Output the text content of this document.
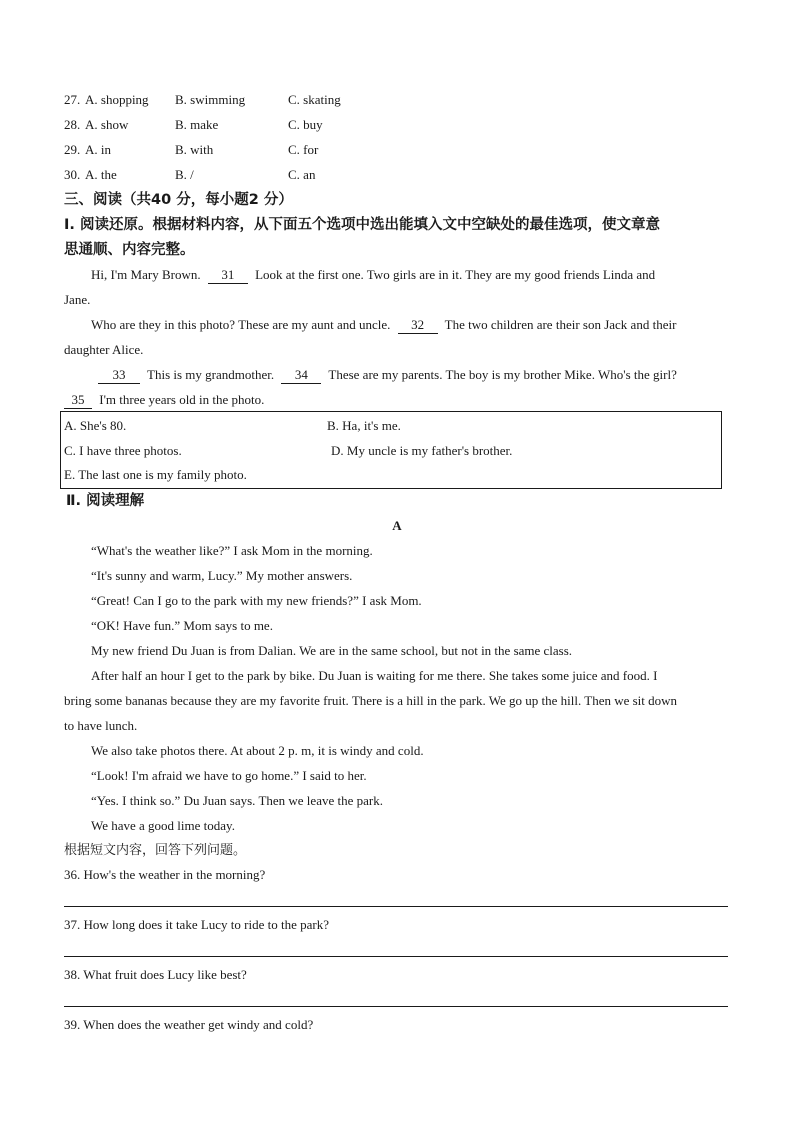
27. A. shopping B. swimming	C. skating
28. A. show	B. make	C. buy
29. A. in	B. with	C. for
30. A. the	B. /	C. an
三、阅读（共40 分，每小题2 分）
I. 阅读还原。根据材料内容，从下面五个选项中选出能填入文中空缺处的最佳选项，使文章意
思通顺、内容完整。
Hi, I'm Mary Brown. 31 Look at the first one. Two girls are in it. They are my good friends Linda and
Jane.
Who are they in this photo? These are my aunt and uncle. 32 The two children are their son Jack and their
daughter Alice.
33 This is my grandmother. 34 These are my parents. The boy is my brother Mike. Who's the girl?
35 I'm three years old in the photo.
A. She's 80.	B. Ha, it's me.
C. I have three photos.	D. My uncle is my father's brother.
E. The last one is my family photo.
Ⅱ. 阅读理解
A
“What's the weather like?” I ask Mom in the morning.
“It's sunny and warm, Lucy.” My mother answers.
“Great! Can I go to the park with my new friends?” I ask Mom.
“OK! Have fun.” Mom says to me.
My new friend Du Juan is from Dalian. We are in the same school, but not in the same class.
After half an hour I get to the park by bike. Du Juan is waiting for me there. She takes some juice and food. I
bring some bananas because they are my favorite fruit. There is a hill in the park. We go up the hill. Then we sit down
to have lunch.
We also take photos there. At about 2 p. m, it is windy and cold.
“Look! I'm afraid we have to go home.” I said to her.
“Yes. I think so.” Du Juan says. Then we leave the park.
We have a good lime today.
根据短文内容，回答下列问题。
36. How's the weather in the morning?
37. How long does it take Lucy to ride to the park?
38. What fruit does Lucy like best?
39. When does the weather get windy and cold?
